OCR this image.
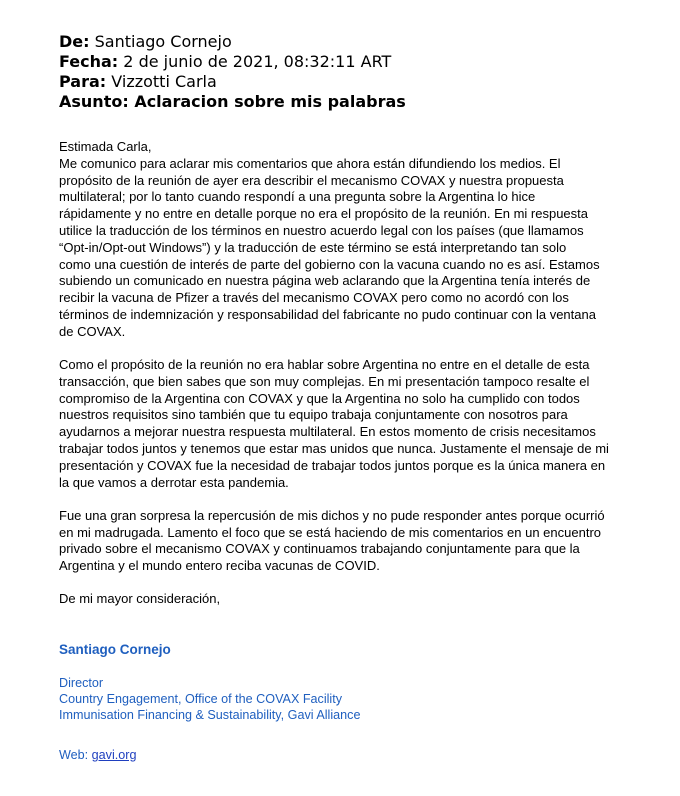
De: Santiago Cornejo
Fecha: 2 de junio de 2021, 08:32:11 ART
Para: Vizzotti Carla
Asunto: Aclaracion sobre mis palabras
Estimada Carla,

Me comunico para aclarar mis comentarios que ahora están difundiendo los medios. El
propósito de la reunión de ayer era describir el mecanismo COVAX y nuestra propuesta
multilateral; por lo tanto cuando respondí a una pregunta sobre la Argentina lo hice
rápidamente y no entre en detalle porque no era el propósito de la reunión. En mi respuesta
utilice la traducción de los términos en nuestro acuerdo legal con los países (que llamamos
“Opt-in/Opt-out Windows”) y la traducción de este término se está interpretando tan solo
como una cuestión de interés de parte del gobierno con la vacuna cuando no es así. Estamos
subiendo un comunicado en nuestra página web aclarando que la Argentina tenía interés de
recibir la vacuna de Pfizer a través del mecanismo COVAX pero como no acordó con los
términos de indemnización y responsabilidad del fabricante no pudo continuar con la ventana
de COVAX.

Como el propósito de la reunión no era hablar sobre Argentina no entre en el detalle de esta
transacción, que bien sabes que son muy complejas. En mi presentación tampoco resalte el
compromiso de la Argentina con COVAX y que la Argentina no solo ha cumplido con todos
nuestros requisitos sino también que tu equipo trabaja conjuntamente con nosotros para
ayudarnos a mejorar nuestra respuesta multilateral. En estos momento de crisis necesitamos
trabajar todos juntos y tenemos que estar mas unidos que nunca. Justamente el mensaje de mi
presentación y COVAX fue la necesidad de trabajar todos juntos porque es la única manera en
la que vamos a derrotar esta pandemia.

Fue una gran sorpresa la repercusión de mis dichos y no pude responder antes porque ocurrió
en mi madrugada. Lamento el foco que se está haciendo de mis comentarios en un encuentro
privado sobre el mecanismo COVAX y continuamos trabajando conjuntamente para que la
Argentina y el mundo entero reciba vacunas de COVID.

De mi mayor consideración,
Santiago Cornejo
Director
Country Engagement, Office of the COVAX Facility
Immunisation Financing & Sustainability, Gavi Alliance
Web: gavi.org
